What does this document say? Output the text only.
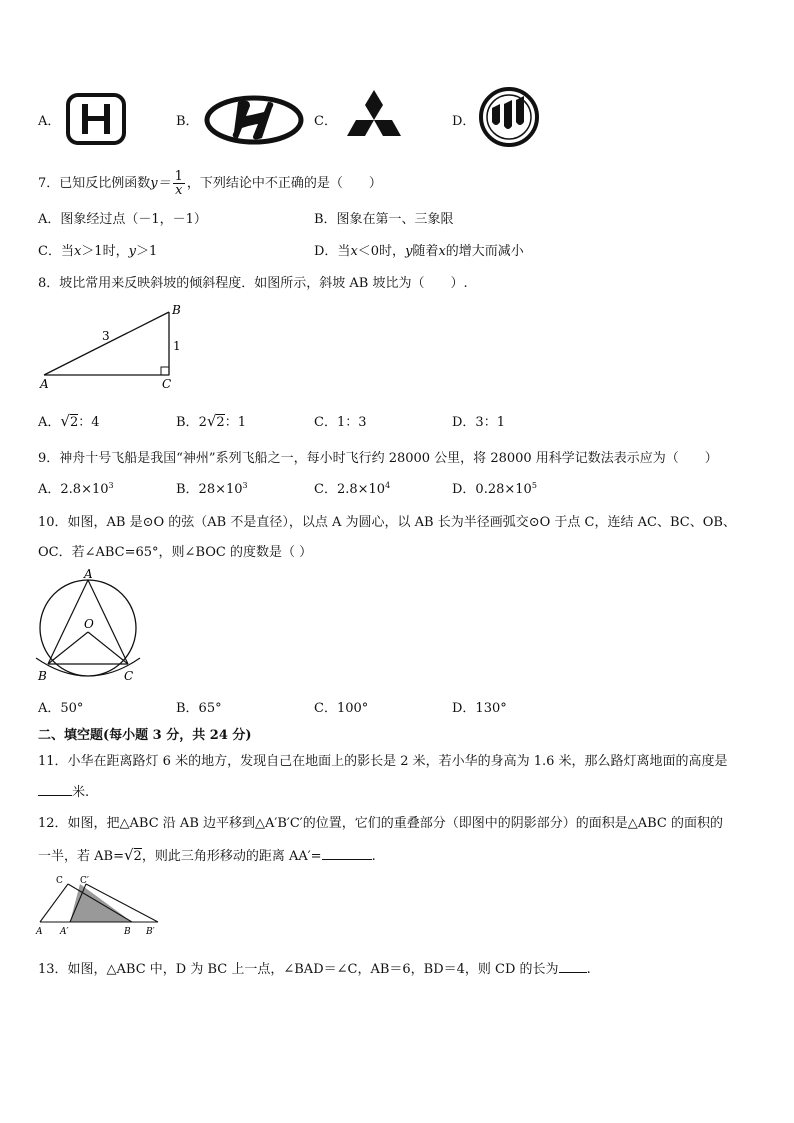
A．	B．	C．	D．
7．已知反比例函数$y= \frac{1}{x}$ ，下列结论中不正确的是（　　）
A．图象经过点（－1，－1）	B．图象在第一、三象限
C．当x＞1时，y＞1	D．当x＜0时，y随着x的增大而减小
8．坡比常用来反映斜坡的倾斜程度．如图所示，斜坡 AB 坡比为（　　）.
A
B
C
3
1
A．√2：4	B．2√2：1	C．1：3	D．3：1
9．神舟十号飞船是我国“神州”系列飞船之一，每小时飞行约 28000 公里，将 28000 用科学记数法表示应为（　　）
A．$2.8\times 10^3$	B．$28\times 10^3$	C．$2.8\times 10^4$	D．$0.28\times 10^5$
10．如图，AB 是⊙O 的弦（AB 不是直径），以点 A 为圆心，以 AB 长为半径画弧交⊙O 于点 C，连结 AC、BC、OB、
OC．若∠ABC=65°，则∠BOC 的度数是（ ）
A
O
B	C
A．50°	B．65°	C．100°	D．130°
二、填空题(每小题 3 分，共 24 分)
11．小华在距离路灯 6 米的地方，发现自己在地面上的影长是 2 米，若小华的身高为 1.6 米，那么路灯离地面的高度是
米.
12．如图，把△ABC 沿 AB 边平移到△A′B′C′的位置，它们的重叠部分（即图中的阴影部分）的面积是△ABC 的面积的
一半，若 AB=√2，则此三角形移动的距离 AA′=	.
C C′
A A′	B B′
13．如图，△ABC 中，D 为 BC 上一点，∠BAD＝∠C，AB＝6，BD＝4，则 CD 的长为 .
